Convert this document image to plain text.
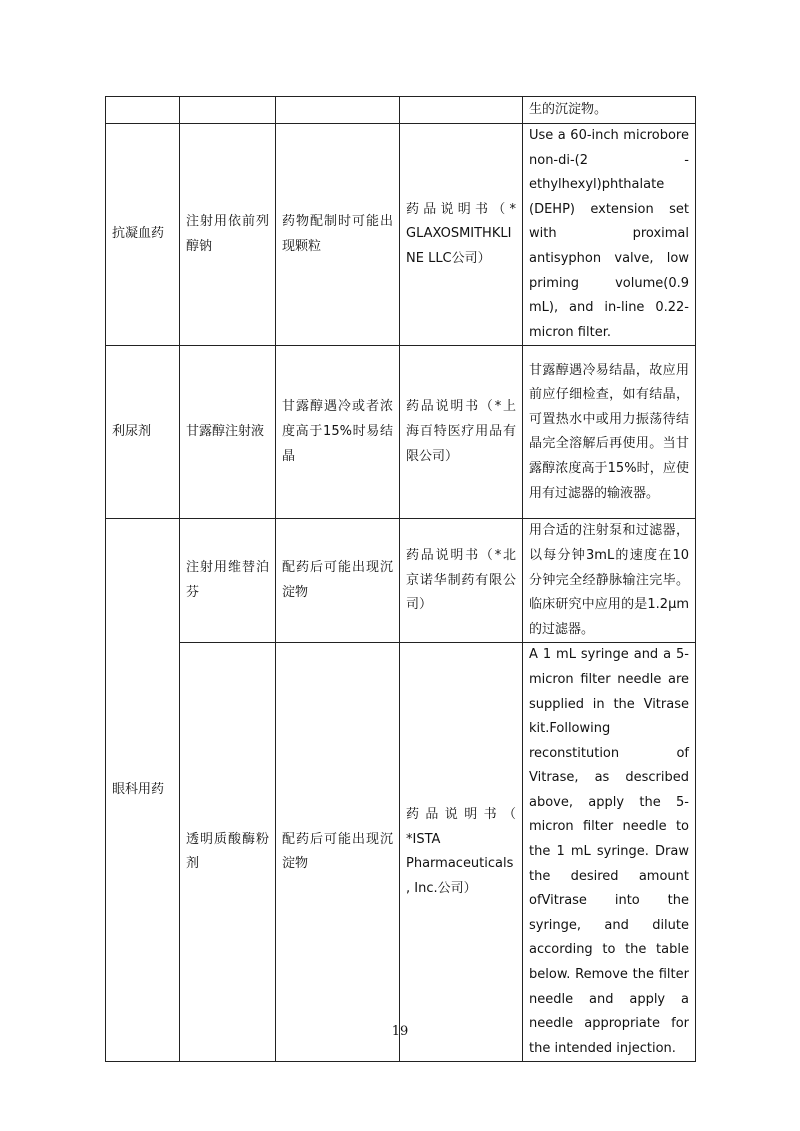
				生的沉淀物。
抗凝血药	注射用依前列醇钠	药物配制时可能出现颗粒	药品说明书（* GLAXOSMITHKLINE LLC公司）	Use a 60-inch microbore non-di-(2 - ethylhexyl)phthalate (DEHP) extension set with proximal antisyphon valve, low priming volume(0.9 mL), and in-line 0.22-micron filter.
利尿剂	甘露醇注射液	甘露醇遇冷或者浓度高于15%时易结晶	药品说明书（*上海百特医疗用品有限公司）	甘露醇遇冷易结晶，故应用前应仔细检查，如有结晶，可置热水中或用力振荡待结晶完全溶解后再使用。当甘露醇浓度高于15%时，应使用有过滤器的输液器。
眼科用药	注射用维替泊芬	配药后可能出现沉淀物	药品说明书（*北京诺华制药有限公司）	用合适的注射泵和过滤器，以每分钟3mL的速度在10分钟完全经静脉输注完毕。临床研究中应用的是1.2μm的过滤器。
	透明质酸酶粉剂	配药后可能出现沉淀物	药品说明书（ *ISTA Pharmaceuticals, Inc.公司）	A 1 mL syringe and a 5-micron filter needle are supplied in the Vitrase kit.Following reconstitution of Vitrase, as described above, apply the 5-micron filter needle to the 1 mL syringe. Draw the desired amount ofVitrase into the syringe, and dilute according to the table below. Remove the filter needle and apply a needle appropriate for the intended injection.
19
